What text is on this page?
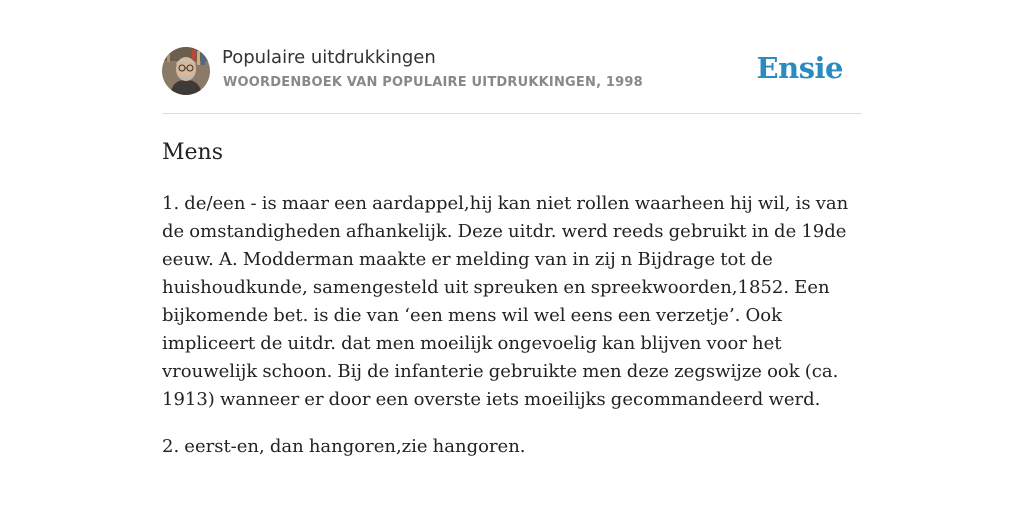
Populaire uitdrukkingen
WOORDENBOEK VAN POPULAIRE UITDRUKKINGEN, 1998	Ensie
Mens

1. de/een - is maar een aardappel,hij kan niet rollen waarheen hij wil, is van de omstandigheden afhankelijk. Deze uitdr. werd reeds gebruikt in de 19de eeuw. A. Modderman maakte er melding van in zij n Bijdrage tot de huishoudkunde, samengesteld uit spreuken en spreekwoorden,1852. Een bijkomende bet. is die van ‘een mens wil wel eens een verzetje’. Ook impliceert de uitdr. dat men moeilijk ongevoelig kan blijven voor het vrouwelijk schoon. Bij de infanterie gebruikte men deze zegswijze ook (ca. 1913) wanneer er door een overste iets moeilijks gecommandeerd werd.

2. eerst-en, dan hangoren,zie hangoren.
